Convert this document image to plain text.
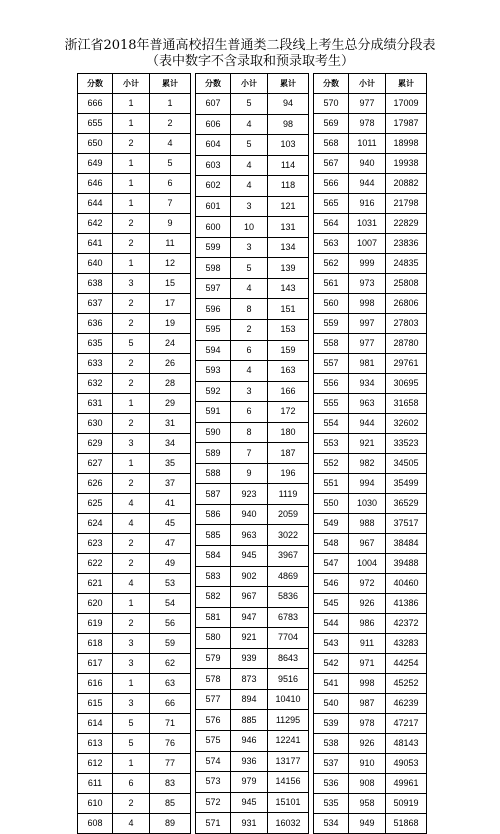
浙江省2018年普通高校招生普通类二段线上考生总分成绩分段表
（表中数字不含录取和预录取考生）
分数	小计	累计
666	1	1
655	1	2
650	2	4
649	1	5
646	1	6
644	1	7
642	2	9
641	2	11
640	1	12
638	3	15
637	2	17
636	2	19
635	5	24
633	2	26
632	2	28
631	1	29
630	2	31
629	3	34
627	1	35
626	2	37
625	4	41
624	4	45
623	2	47
622	2	49
621	4	53
620	1	54
619	2	56
618	3	59
617	3	62
616	1	63
615	3	66
614	5	71
613	5	76
612	1	77
611	6	83
610	2	85
608	4	89
分数	小计	累计
607	5	94
606	4	98
604	5	103
603	4	114
602	4	118
601	3	121
600	10	131
599	3	134
598	5	139
597	4	143
596	8	151
595	2	153
594	6	159
593	4	163
592	3	166
591	6	172
590	8	180
589	7	187
588	9	196
587	923	1119
586	940	2059
585	963	3022
584	945	3967
583	902	4869
582	967	5836
581	947	6783
580	921	7704
579	939	8643
578	873	9516
577	894	10410
576	885	11295
575	946	12241
574	936	13177
573	979	14156
572	945	15101
571	931	16032
分数	小计	累计
570	977	17009
569	978	17987
568	1011	18998
567	940	19938
566	944	20882
565	916	21798
564	1031	22829
563	1007	23836
562	999	24835
561	973	25808
560	998	26806
559	997	27803
558	977	28780
557	981	29761
556	934	30695
555	963	31658
554	944	32602
553	921	33523
552	982	34505
551	994	35499
550	1030	36529
549	988	37517
548	967	38484
547	1004	39488
546	972	40460
545	926	41386
544	986	42372
543	911	43283
542	971	44254
541	998	45252
540	987	46239
539	978	47217
538	926	48143
537	910	49053
536	908	49961
535	958	50919
534	949	51868
